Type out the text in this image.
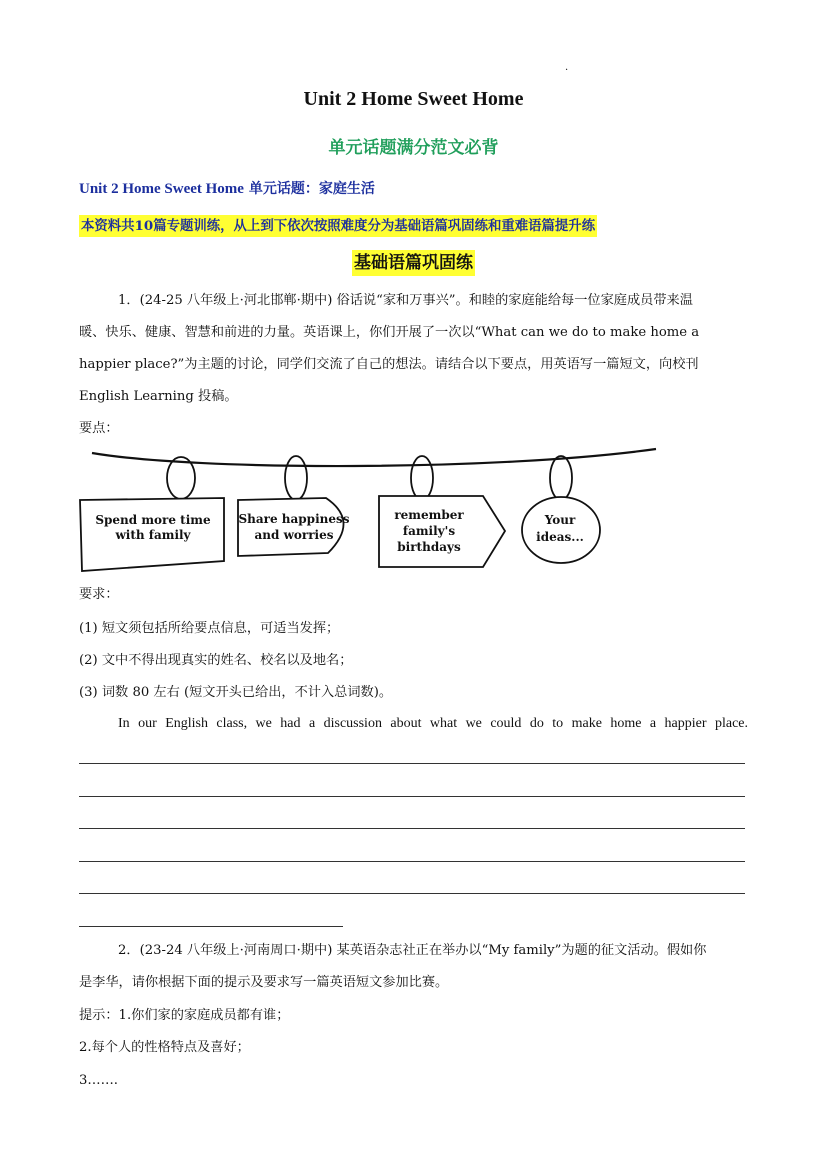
.
Unit 2 Home Sweet Home
单元话题满分范文必背
Unit 2 Home Sweet Home 单元话题：家庭生活
本资料共10篇专题训练，从上到下依次按照难度分为基础语篇巩固练和重难语篇提升练
基础语篇巩固练
1．(24-25 八年级上·河北邯郸·期中) 俗话说“家和万事兴”。和睦的家庭能给每一位家庭成员带来温
暖、快乐、健康、智慧和前进的力量。英语课上，你们开展了一次以“What can we do to make home a
happier place?”为主题的讨论，同学们交流了自己的想法。请结合以下要点，用英语写一篇短文，向校刊
English Learning 投稿。
要点：
Spend more time
with family
Share happiness
and worries
remember
family's
birthdays
Your
ideas...
要求：
(1) 短文须包括所给要点信息，可适当发挥；
(2) 文中不得出现真实的姓名、校名以及地名；
(3) 词数 80 左右 (短文开头已给出，不计入总词数)。
In our English class, we had a discussion about what we could do to make home a happier place.
2．(23-24 八年级上·河南周口·期中) 某英语杂志社正在举办以“My family”为题的征文活动。假如你
是李华，请你根据下面的提示及要求写一篇英语短文参加比赛。
提示：1.你们家的家庭成员都有谁；
2.每个人的性格特点及喜好；
3…….
